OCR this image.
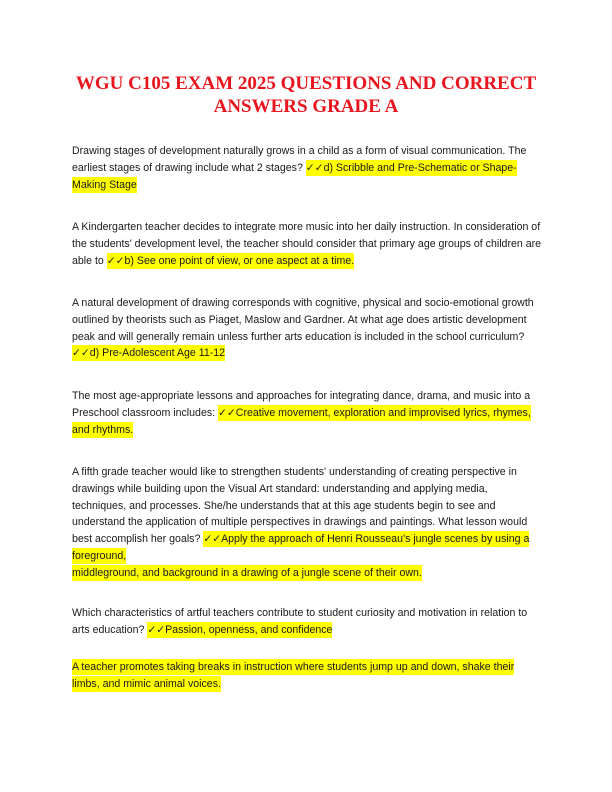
WGU C105 EXAM 2025 QUESTIONS AND CORRECT ANSWERS GRADE A
Drawing stages of development naturally grows in a child as a form of visual communication. The earliest stages of drawing include what 2 stages? ✓✓d) Scribble and Pre-Schematic or Shape-Making Stage
A Kindergarten teacher decides to integrate more music into her daily instruction. In consideration of the students' development level, the teacher should consider that primary age groups of children are able to ✓✓b) See one point of view, or one aspect at a time.
A natural development of drawing corresponds with cognitive, physical and socio-emotional growth outlined by theorists such as Piaget, Maslow and Gardner. At what age does artistic development peak and will generally remain unless further arts education is included in the school curriculum? ✓✓d) Pre-Adolescent Age 11-12
The most age-appropriate lessons and approaches for integrating dance, drama, and music into a Preschool classroom includes: ✓✓Creative movement, exploration and improvised lyrics, rhymes, and rhythms.
A fifth grade teacher would like to strengthen students' understanding of creating perspective in drawings while building upon the Visual Art standard: understanding and applying media, techniques, and processes. She/he understands that at this age students begin to see and understand the application of multiple perspectives in drawings and paintings. What lesson would best accomplish her goals? ✓✓Apply the approach of Henri Rousseau's jungle scenes by using a foreground,
middleground, and background in a drawing of a jungle scene of their own.
Which characteristics of artful teachers contribute to student curiosity and motivation in relation to arts education? ✓✓Passion, openness, and confidence
A teacher promotes taking breaks in instruction where students jump up and down, shake their limbs, and mimic animal voices.
